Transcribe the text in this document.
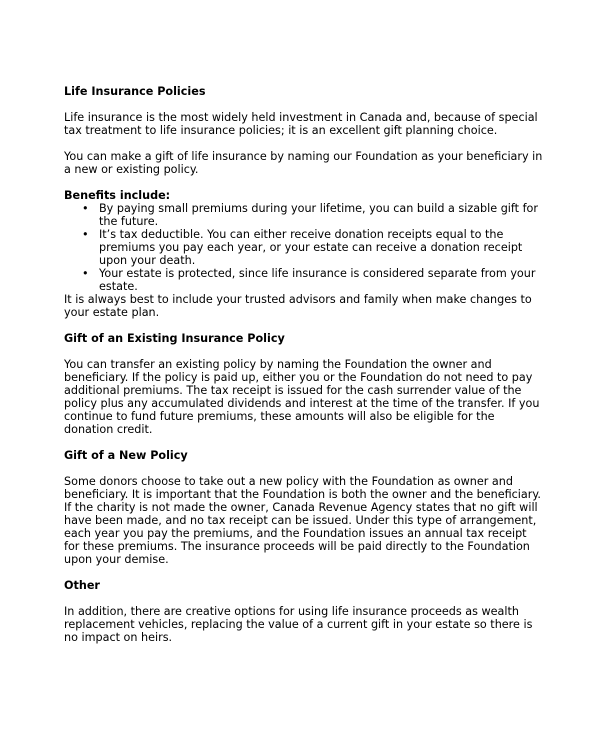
Life Insurance Policies

Life insurance is the most widely held investment in Canada and, because of special tax treatment to life insurance policies; it is an excellent gift planning choice.

You can make a gift of life insurance by naming our Foundation as your beneficiary in a new or existing policy.

Benefits include:
• By paying small premiums during your lifetime, you can build a sizable gift for the future.
• It’s tax deductible. You can either receive donation receipts equal to the premiums you pay each year, or your estate can receive a donation receipt upon your death.
• Your estate is protected, since life insurance is considered separate from your estate.

It is always best to include your trusted advisors and family when make changes to your estate plan.

Gift of an Existing Insurance Policy

You can transfer an existing policy by naming the Foundation the owner and beneficiary. If the policy is paid up, either you or the Foundation do not need to pay additional premiums. The tax receipt is issued for the cash surrender value of the policy plus any accumulated dividends and interest at the time of the transfer. If you continue to fund future premiums, these amounts will also be eligible for the donation credit.

Gift of a New Policy

Some donors choose to take out a new policy with the Foundation as owner and beneficiary. It is important that the Foundation is both the owner and the beneficiary. If the charity is not made the owner, Canada Revenue Agency states that no gift will have been made, and no tax receipt can be issued. Under this type of arrangement, each year you pay the premiums, and the Foundation issues an annual tax receipt for these premiums. The insurance proceeds will be paid directly to the Foundation upon your demise.

Other

In addition, there are creative options for using life insurance proceeds as wealth replacement vehicles, replacing the value of a current gift in your estate so there is no impact on heirs.
